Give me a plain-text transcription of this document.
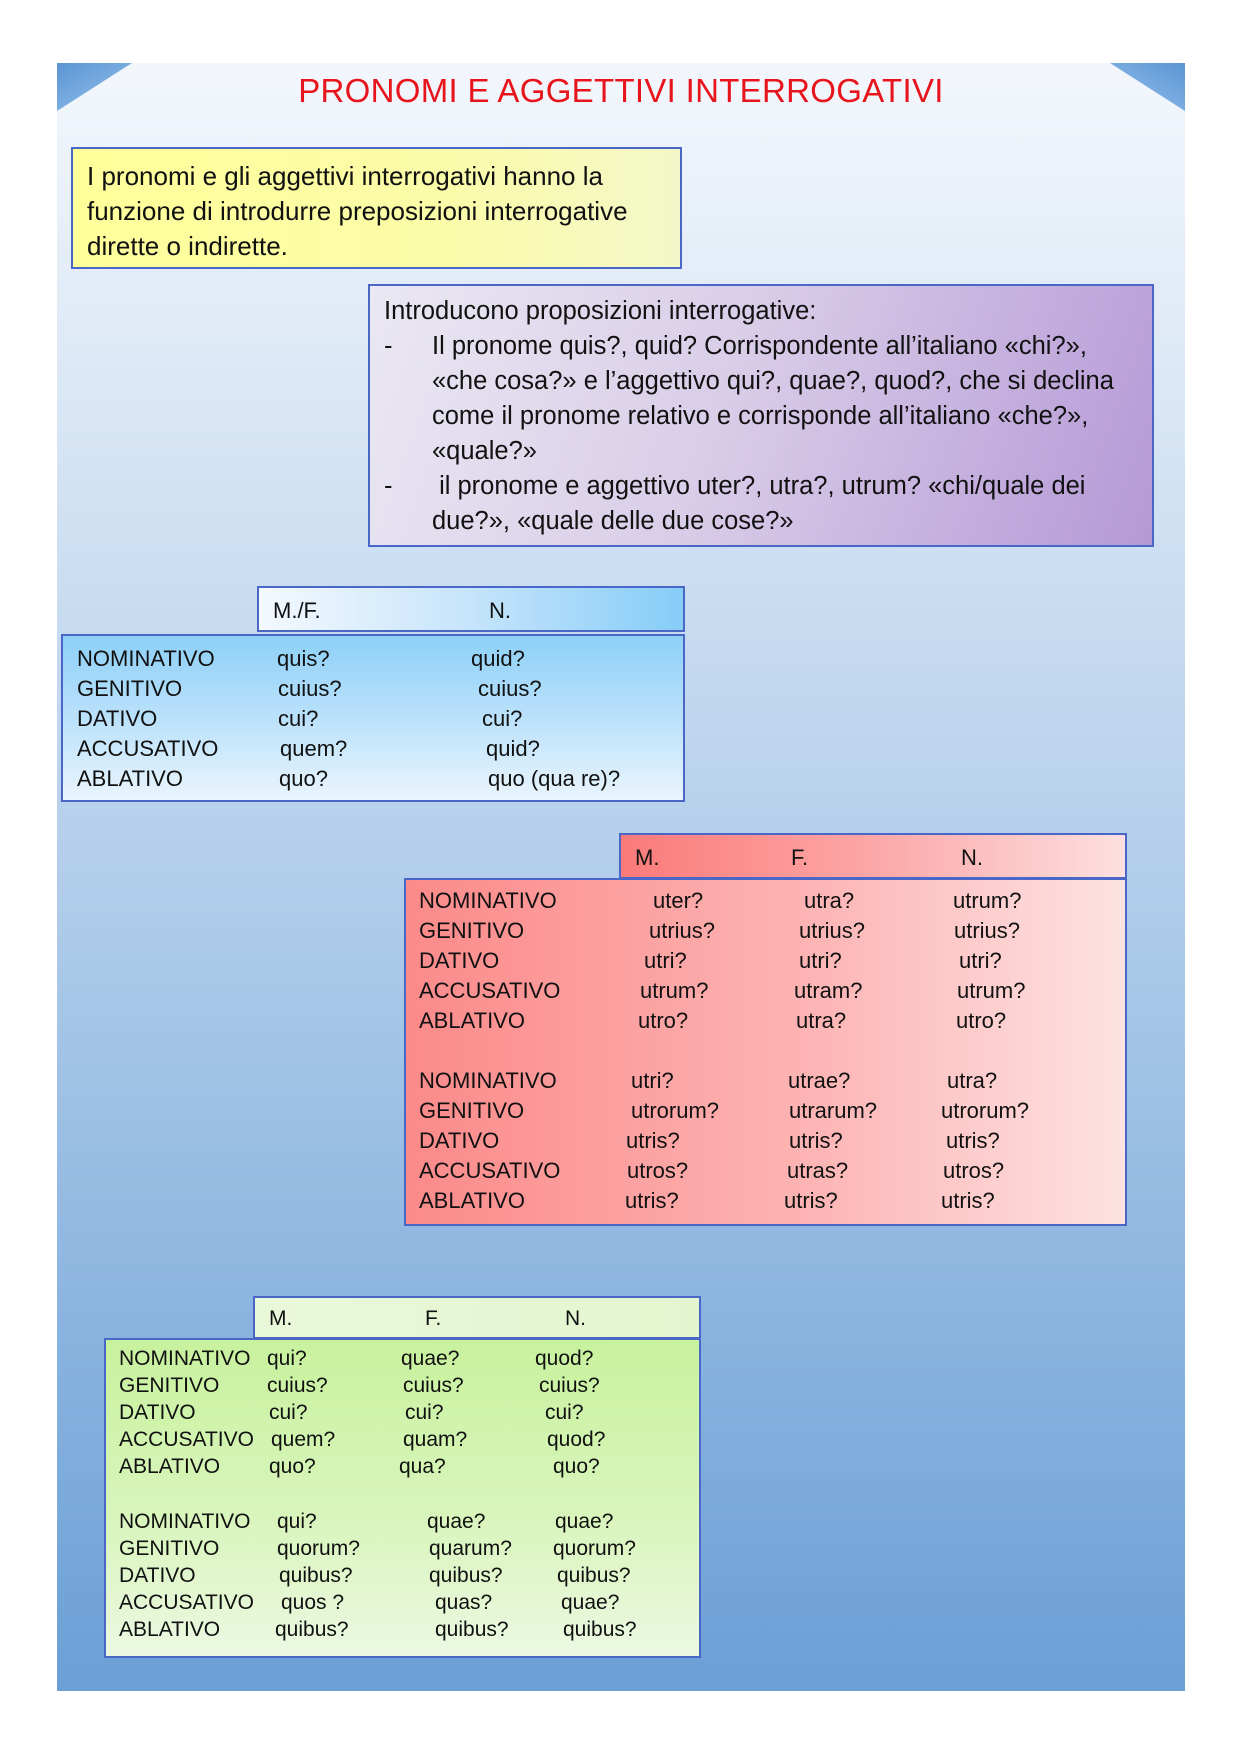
PRONOMI E AGGETTIVI INTERROGATIVI
I pronomi e gli aggettivi interrogativi hanno la
funzione di introdurre preposizioni interrogative
dirette o indirette.

Introducono proposizioni interrogative:

- Il pronome quis?, quid? Corrispondente all’italiano «chi?»,
«che cosa?» e l’aggettivo qui?, quae?, quod?, che si declina
come il pronome relativo e corrisponde all’italiano «che?»,
«quale?»
- il pronome e aggettivo uter?, utra?, utrum? «chi/quale dei
due?», «quale delle due cose?»
M./F.	N.
NOMINATIVO	quis?	quid?
GENITIVO	cuius?	cuius?
DATIVO	cui?	cui?
ACCUSATIVO	quem?	quid?
ABLATIVO	quo?	quo (qua re)?
M.	F.	N.
NOMINATIVO	uter?	utra?	utrum?
GENITIVO	utrius?	utrius?	utrius?
DATIVO	utri?	utri?	utri?
ACCUSATIVO	utrum?	utram?	utrum?
ABLATIVO	utro?	utra?	utro?
NOMINATIVO	utri?	utrae?	utra?
GENITIVO	utrorum?	utrarum?	utrorum?
DATIVO	utris?	utris?	utris?
ACCUSATIVO	utros?	utras?	utros?
ABLATIVO	utris?	utris?	utris?
M.	F.	N.
NOMINATIVO qui?	quae?	quod?
GENITIVO cuius?	cuius?	cuius?
DATIVO	cui?	cui?	cui?
ACCUSATIVO quem?	quam?	quod?
ABLATIVO quo?	qua?	quo?
NOMINATIVO qui?	quae?	quae?
GENITIVO	quorum?	quarum? quorum?
DATIVO	quibus?	quibus?	quibus?
ACCUSATIVO quos ?	quas?	quae?
ABLATIVO	quibus?	quibus?	quibus?
